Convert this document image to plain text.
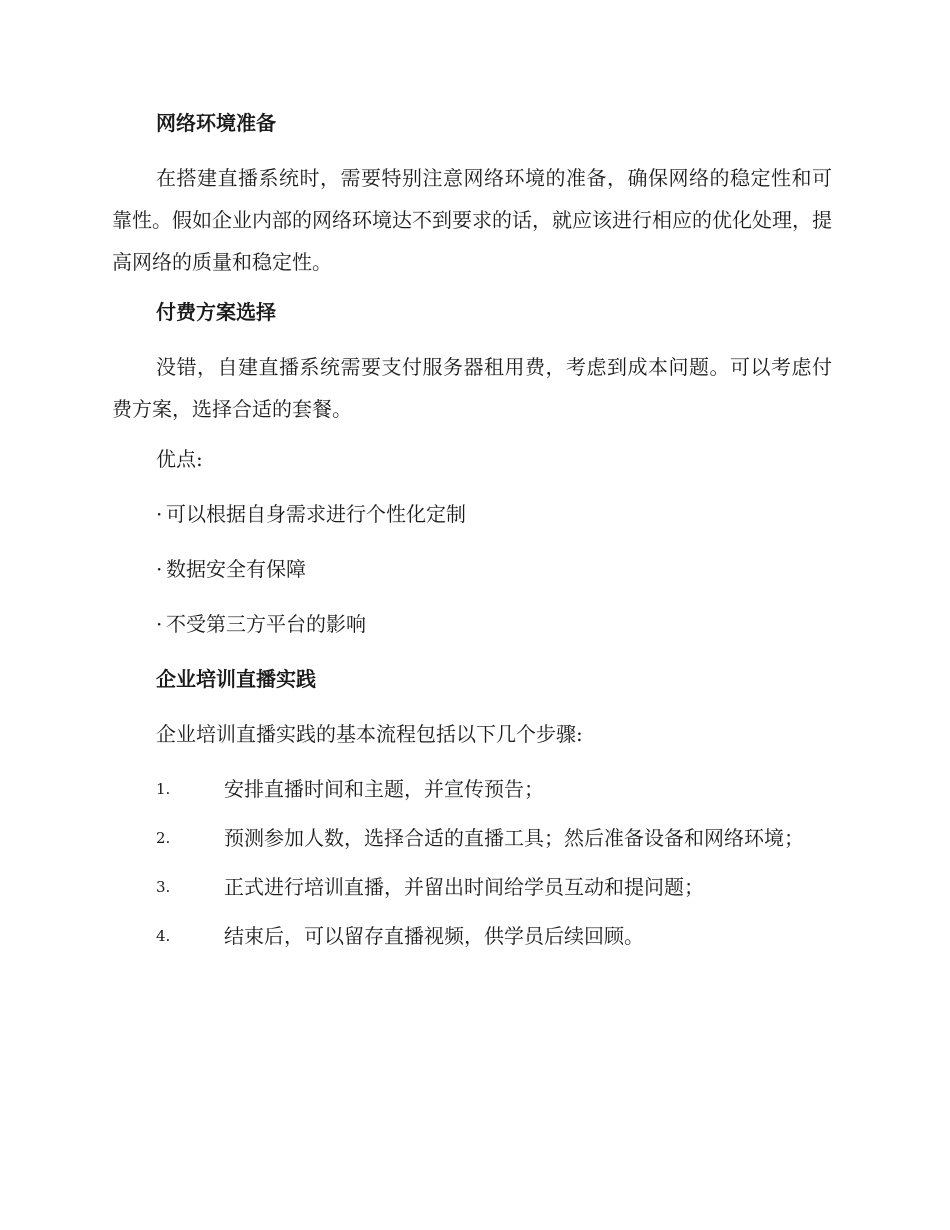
网络环境准备

在搭建直播系统时，需要特别注意网络环境的准备，确保网络的稳定性和可靠性。假如企业内部的网络环境达不到要求的话，就应该进行相应的优化处理，提高网络的质量和稳定性。

付费方案选择

没错，自建直播系统需要支付服务器租用费，考虑到成本问题。可以考虑付费方案，选择合适的套餐。

优点:
· 可以根据自身需求进行个性化定制
· 数据安全有保障
· 不受第三方平台的影响
企业培训直播实践
企业培训直播实践的基本流程包括以下几个步骤:

1.	安排直播时间和主题，并宣传预告；

2.	预测参加人数，选择合适的直播工具；然后准备设备和网络环境；

3.	正式进行培训直播，并留出时间给学员互动和提问题；

4.	结束后，可以留存直播视频，供学员后续回顾。
